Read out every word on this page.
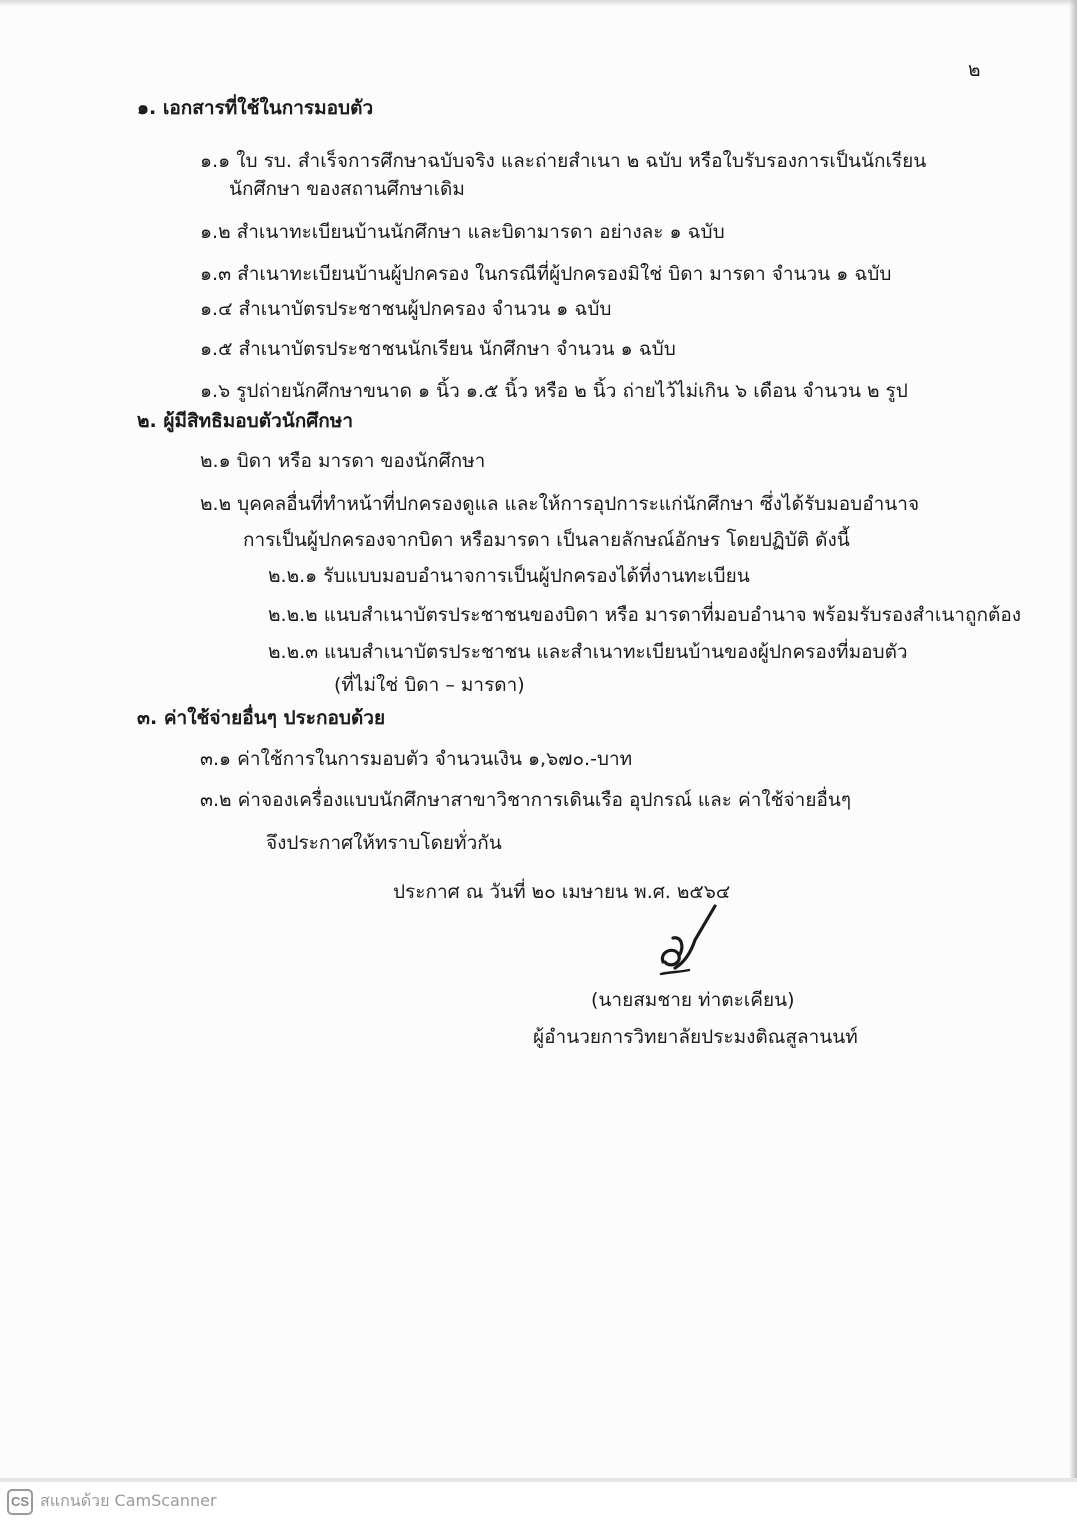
๒
๑. เอกสารที่ใช้ในการมอบตัว
๑.๑ ใบ รบ. สำเร็จการศึกษาฉบับจริง และถ่ายสำเนา ๒ ฉบับ หรือใบรับรองการเป็นนักเรียน
นักศึกษา ของสถานศึกษาเดิม
๑.๒ สำเนาทะเบียนบ้านนักศึกษา และบิดามารดา อย่างละ ๑ ฉบับ
๑.๓ สำเนาทะเบียนบ้านผู้ปกครอง ในกรณีที่ผู้ปกครองมิใช่ บิดา มารดา จำนวน ๑ ฉบับ
๑.๔ สำเนาบัตรประชาชนผู้ปกครอง จำนวน ๑ ฉบับ
๑.๕ สำเนาบัตรประชาชนนักเรียน นักศึกษา จำนวน ๑ ฉบับ
๑.๖ รูปถ่ายนักศึกษาขนาด ๑ นิ้ว ๑.๕ นิ้ว หรือ ๒ นิ้ว ถ่ายไว้ไม่เกิน ๖ เดือน จำนวน ๒ รูป
๒. ผู้มีสิทธิมอบตัวนักศึกษา
๒.๑ บิดา หรือ มารดา ของนักศึกษา
๒.๒ บุคคลอื่นที่ทำหน้าที่ปกครองดูแล และให้การอุปการะแก่นักศึกษา ซึ่งได้รับมอบอำนาจ
การเป็นผู้ปกครองจากบิดา หรือมารดา เป็นลายลักษณ์อักษร โดยปฏิบัติ ดังนี้
๒.๒.๑ รับแบบมอบอำนาจการเป็นผู้ปกครองได้ที่งานทะเบียน
๒.๒.๒ แนบสำเนาบัตรประชาชนของบิดา หรือ มารดาที่มอบอำนาจ พร้อมรับรองสำเนาถูกต้อง
๒.๒.๓ แนบสำเนาบัตรประชาชน และสำเนาทะเบียนบ้านของผู้ปกครองที่มอบตัว
(ที่ไม่ใช่ บิดา – มารดา)
๓. ค่าใช้จ่ายอื่นๆ ประกอบด้วย
๓.๑ ค่าใช้การในการมอบตัว จำนวนเงิน ๑,๖๗๐.-บาท
๓.๒ ค่าจองเครื่องแบบนักศึกษาสาขาวิชาการเดินเรือ อุปกรณ์ และ ค่าใช้จ่ายอื่นๆ
จึงประกาศให้ทราบโดยทั่วกัน
ประกาศ ณ วันที่ ๒๐ เมษายน พ.ศ. ๒๕๖๔
(นายสมชาย ท่าตะเคียน)
ผู้อำนวยการวิทยาลัยประมงติณสูลานนท์
CS สแกนด้วย CamScanner
